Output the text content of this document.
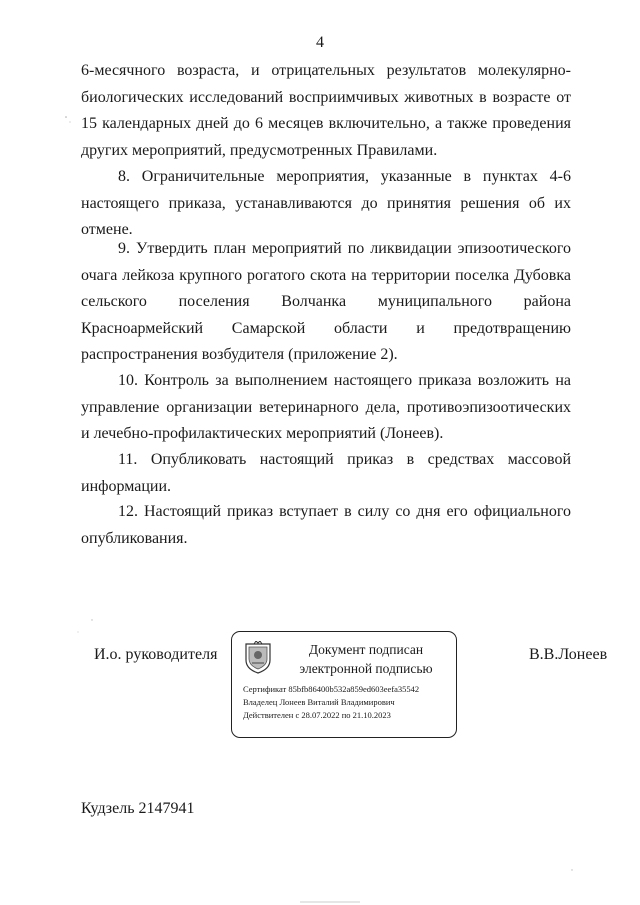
4

6-месячного возраста, и отрицательных результатов молекулярно-биологических исследований восприимчивых животных в возрасте от 15 календарных дней до 6 месяцев включительно, а также проведения других мероприятий, предусмотренных Правилами.

8. Ограничительные мероприятия, указанные в пунктах 4-6 настоящего приказа, устанавливаются до принятия решения об их отмене.

9. Утвердить план мероприятий по ликвидации эпизоотического очага лейкоза крупного рогатого скота на территории поселка Дубовка сельского поселения Волчанка муниципального района Красноармейский Самарской области и предотвращению распространения возбудителя (приложение 2).

10. Контроль за выполнением настоящего приказа возложить на управление организации ветеринарного дела, противоэпизоотических и лечебно-профилактических мероприятий (Лонеев).

11. Опубликовать настоящий приказ в средствах массовой информации.

12. Настоящий приказ вступает в силу со дня его официального опубликования.

И.о. руководителя	Документ подписан
электронной подписью
Сертификат 85bfb86400b532a859ed603eefa35542
Владелец Лонеев Виталий Владимирович
Действителен с 28.07.2022 по 21.10.2023
В.В.Лонеев
Кудзель 2147941
